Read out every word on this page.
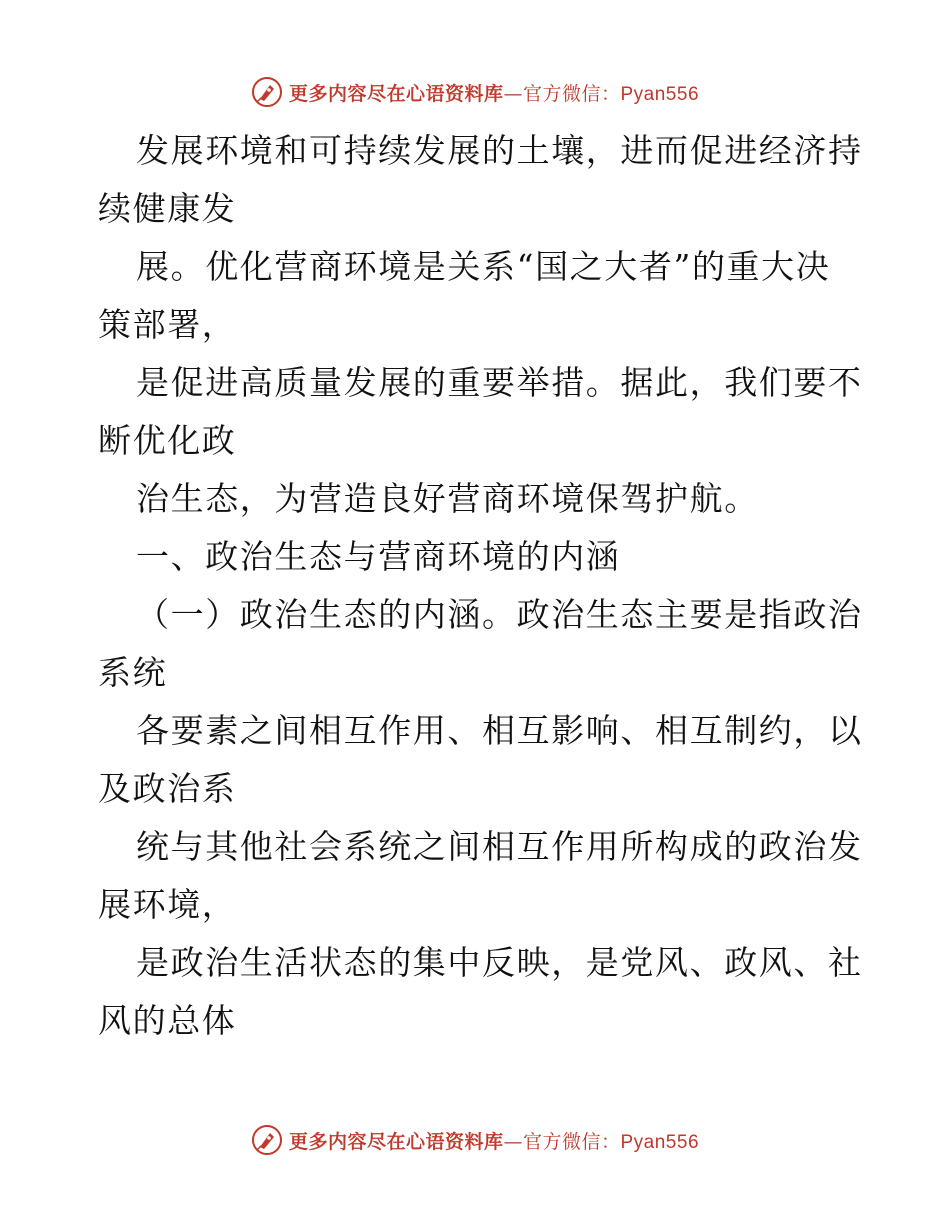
更多内容尽在心语资料库—官方微信：Pyan556
发展环境和可持续发展的土壤，进而促进经济持
续健康发
展。优化营商环境是关系“国之大者”的重大决
策部署，
是促进高质量发展的重要举措。据此，我们要不
断优化政
治生态，为营造良好营商环境保驾护航。
一、政治生态与营商环境的内涵
（一）政治生态的内涵。政治生态主要是指政治
系统
各要素之间相互作用、相互影响、相互制约，以
及政治系
统与其他社会系统之间相互作用所构成的政治发
展环境，
是政治生活状态的集中反映，是党风、政风、社
风的总体
更多内容尽在心语资料库—官方微信：Pyan556
